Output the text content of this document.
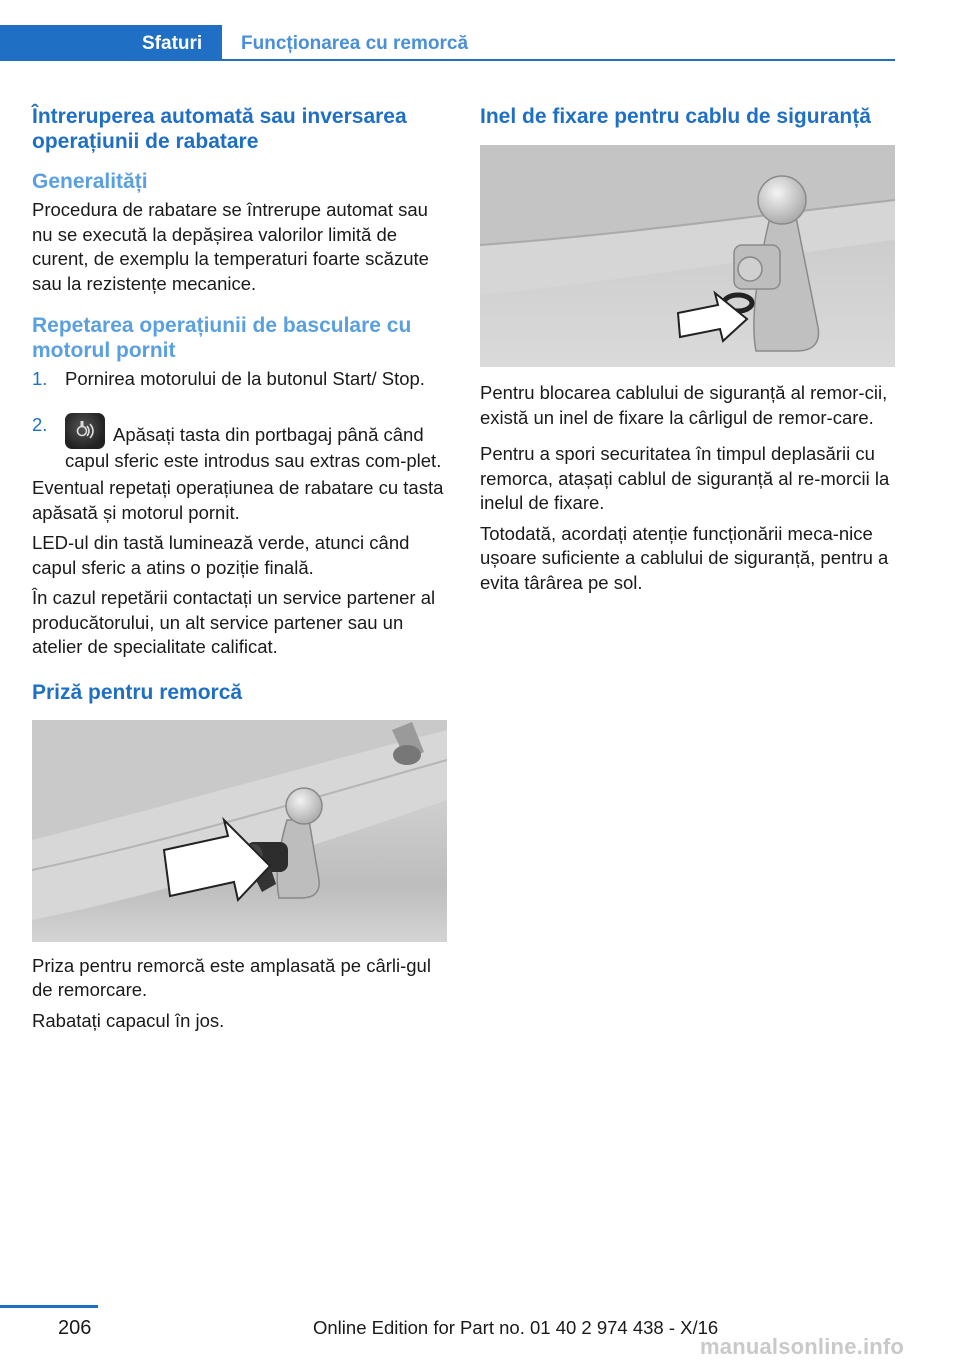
Sfaturi Funcționarea cu remorcă
Întreruperea automată sau inversarea operațiunii de rabatare
Generalități

Procedura de rabatare se întrerupe automat sau nu se execută la depășirea valorilor limită de curent, de exemplu la temperaturi foarte scăzute sau la rezistențe mecanice.

Repetarea operațiunii de basculare cu motorul pornit
1. Pornirea motorului de la butonul Start/ Stop.
2.	Apăsați tasta din portbagaj până când capul sferic este introdus sau extras com-plet.

Eventual repetați operațiunea de rabatare cu tasta apăsată și motorul pornit.

LED-ul din tastă luminează verde, atunci când capul sferic a atins o poziție finală.

În cazul repetării contactați un service partener al producătorului, un alt service partener sau un atelier de specialitate calificat.

Priză pentru remorcă

Priza pentru remorcă este amplasată pe cârli-gul de remorcare.

Rabatați capacul în jos.

Inel de fixare pentru cablu de siguranță

Pentru blocarea cablului de siguranță al remor-cii, există un inel de fixare la cârligul de remor-care.

Pentru a spori securitatea în timpul deplasării cu remorca, atașați cablul de siguranță al re-morcii la inelul de fixare.

Totodată, acordați atenție funcționării meca-nice ușoare suficiente a cablului de siguranță, pentru a evita târârea pe sol.

206	Online Edition for Part no. 01 40 2 974 438 - X/16
manualsonline.info
